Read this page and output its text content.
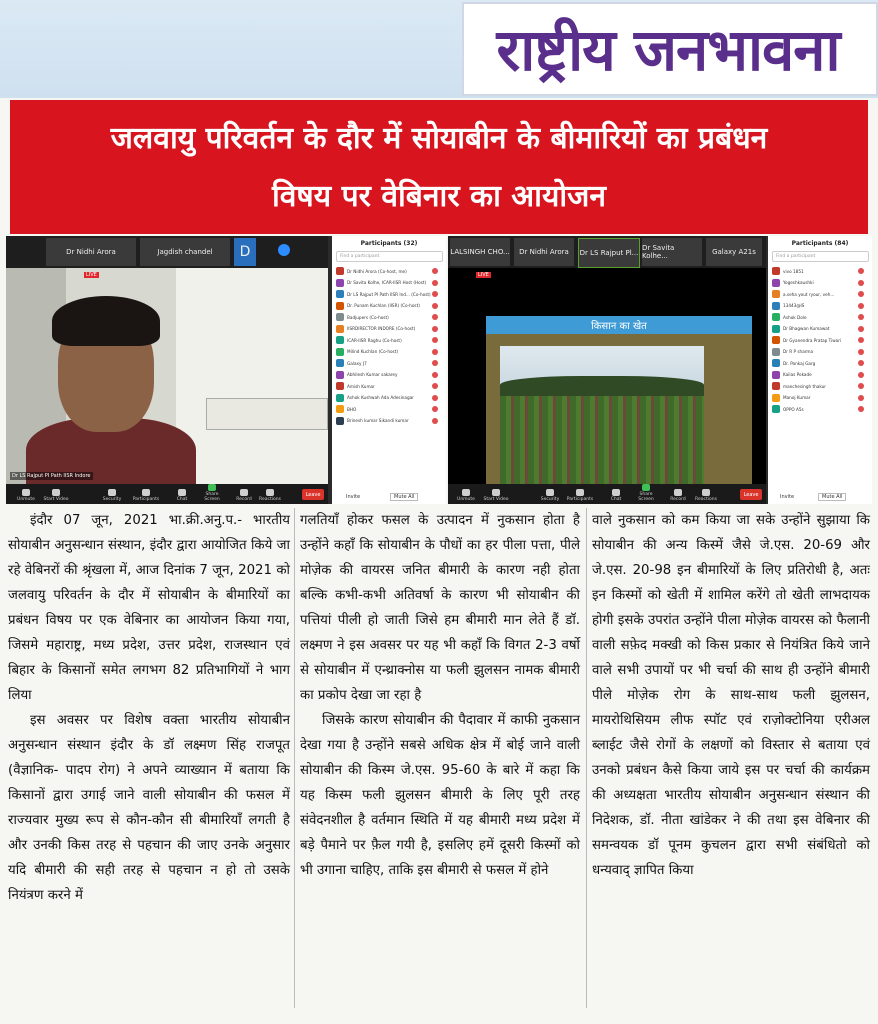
राष्ट्रीय जनभावना
जलवायु परिवर्तन के दौर में सोयाबीन के बीमारियों का प्रबंधन
विषय पर वेबिनार का आयोजन
Dr Nidhi Arora	Jagdish chandel	D
LIVE
Dr LS Rajput PI Path IISR Indore
Unmute	Start Video	Security	Participants	Chat
Share Screen	Record	Reactions
Leave
Participants (32)
Find a participant
Dr Nidhi Arora (Co-host, me)
Dr Savita Kolhe, ICAR-IISR Host (Host)
Dr LS Rajput PI Path IISR Ind... (Co-host)
Dr. Punam Kuchlan (IISR) (Co-host)
Badjupers (Co-host)
IISRDIRECTOR INDORE (Co-host)
ICAR-IISR Raghu (Co-host)
Milind Kuchlan (Co-host)
Galaxy J7
Abhilesh Kumar sakarey
Amish Kumar
Ashok Kushwah Ada Adesinagar
BHO
Brinesh kumar Sikandi kumar
Invite	Mute All
LALSINGH CHO...	Dr Nidhi Arora	Dr LS Rajput Pl...
Dr Savita Kolhe...	Galaxy A21s
LIVE
किसान का खेत
Unmute	Start Video	Security	Participants	Chat
Share Screen	Record	Reactions
Leave
Participants (84)
Find a participant
vivo 1851
Yogeshkaushki
a.seha yout ryour, veh...
13443@IS
Ashok Dole
Dr Bhagwan Kumawat
Dr Gyanendra Pratap Tiwari
Dr R P sharma
Dr. Pankaj Garg
Kailas Pokade
manchesingh thakur
Manoj Kumar
OPPO A5s
Invite	Mute All

इंदौर 07 जून, 2021 भा.क्री.अनु.प.- भारतीय सोयाबीन अनुसन्धान संस्थान, इंदौर द्वारा आयोजित किये जा रहे वेबिनरों की श्रृंखला में, आज दिनांक 7 जून, 2021 को जलवायु परिवर्तन के दौर में सोयाबीन के बीमारियों का प्रबंधन विषय पर एक वेबिनार का आयोजन किया गया, जिसमे महाराष्ट्र, मध्य प्रदेश, उत्तर प्रदेश, राजस्थान एवं बिहार के किसानों समेत लगभग 82 प्रतिभागियों ने भाग लिया

इस अवसर पर विशेष वक्ता भारतीय सोयाबीन अनुसन्धान संस्थान इंदौर के डॉ लक्ष्मण सिंह राजपूत (वैज्ञानिक- पादप रोग) ने अपने व्याख्यान में बताया कि किसानों द्वारा उगाई जाने वाली सोयाबीन की फसल में राज्यवार मुख्य रूप से कौन-कौन सी बीमारियाँ लगती है और उनकी किस तरह से पहचान की जाए उनके अनुसार यदि बीमारी की सही तरह से पहचान न हो तो उसके नियंत्रण करने में

गलतियाँ होकर फसल के उत्पादन में नुकसान होता है उन्होंने कहाँ कि सोयाबीन के पौधों का हर पीला पत्ता, पीले मोज़ेक की वायरस जनित बीमारी के कारण नही होता बल्कि कभी-कभी अतिवर्षा के कारण भी सोयाबीन की पत्तियां पीली हो जाती जिसे हम बीमारी मान लेते हैं डॉ. लक्ष्मण ने इस अवसर पर यह भी कहाँ कि विगत 2-3 वर्षो से सोयाबीन में एन्थ्राक्नोस या फली झुलसन नामक बीमारी का प्रकोप देखा जा रहा है

जिसके कारण सोयाबीन की पैदावार में काफी नुकसान देखा गया है उन्होंने सबसे अधिक क्षेत्र में बोई जाने वाली सोयाबीन की किस्म जे.एस. 95-60 के बारे में कहा कि यह किस्म फली झुलसन बीमारी के लिए पूरी तरह संवेदनशील है वर्तमान स्थिति में यह बीमारी मध्य प्रदेश में बड़े पैमाने पर फ़ैल गयी है, इसलिए हमें दूसरी किस्मों को भी उगाना चाहिए, ताकि इस बीमारी से फसल में होने

वाले नुकसान को कम किया जा सके उन्होंने सुझाया कि सोयाबीन की अन्य किस्में जैसे जे.एस. 20-69 और जे.एस. 20-98 इन बीमारियों के लिए प्रतिरोधी है, अतः इन किस्मों को खेती में शामिल करेंगे तो खेती लाभदायक होगी इसके उपरांत उन्होंने पीला मोज़ेक वायरस को फैलानी वाली सफ़ेद मक्खी को किस प्रकार से नियंत्रित किये जाने वाले सभी उपायों पर भी चर्चा की साथ ही उन्होंने बीमारी पीले मोज़ेक रोग के साथ-साथ फली झुलसन, मायरोथिसियम लीफ स्पॉट एवं राज़ोक्टोनिया एरीअल ब्लाईट जैसे रोगों के लक्षणों को विस्तार से बताया एवं उनको प्रबंधन कैसे किया जाये इस पर चर्चा की कार्यक्रम की अध्यक्षता भारतीय सोयाबीन अनुसन्धान संस्थान की निदेशक, डॉ. नीता खांडेकर ने की तथा इस वेबिनार की समन्वयक डॉ पूनम कुचलन द्वारा सभी संबंधितो को धन्यवाद् ज्ञापित किया
